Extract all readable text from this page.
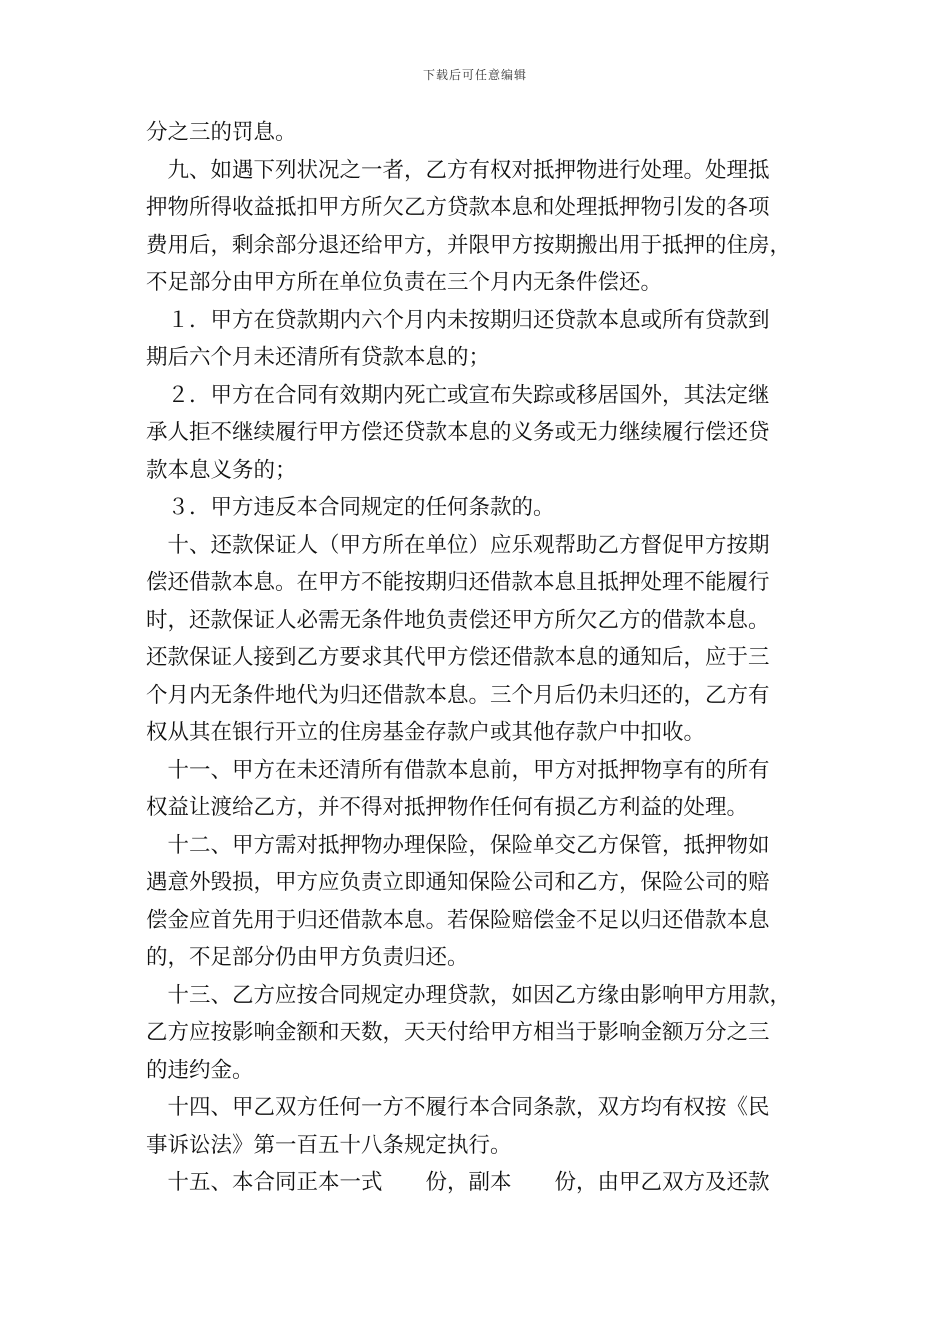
下载后可任意编辑

分之三的罚息。
　九、如遇下列状况之一者，乙方有权对抵押物进行处理。处理抵
押物所得收益抵扣甲方所欠乙方贷款本息和处理抵押物引发的各项
费用后，剩余部分退还给甲方，并限甲方按期搬出用于抵押的住房，
不足部分由甲方所在单位负责在三个月内无条件偿还。
　１．甲方在贷款期内六个月内未按期归还贷款本息或所有贷款到
期后六个月未还清所有贷款本息的；
　２．甲方在合同有效期内死亡或宣布失踪或移居国外，其法定继
承人拒不继续履行甲方偿还贷款本息的义务或无力继续履行偿还贷
款本息义务的；
　３．甲方违反本合同规定的任何条款的。
　十、还款保证人（甲方所在单位）应乐观帮助乙方督促甲方按期
偿还借款本息。在甲方不能按期归还借款本息且抵押处理不能履行
时，还款保证人必需无条件地负责偿还甲方所欠乙方的借款本息。
还款保证人接到乙方要求其代甲方偿还借款本息的通知后，应于三
个月内无条件地代为归还借款本息。三个月后仍未归还的，乙方有
权从其在银行开立的住房基金存款户或其他存款户中扣收。
　十一、甲方在未还清所有借款本息前，甲方对抵押物享有的所有
权益让渡给乙方，并不得对抵押物作任何有损乙方利益的处理。
　十二、甲方需对抵押物办理保险，保险单交乙方保管，抵押物如
遇意外毁损，甲方应负责立即通知保险公司和乙方，保险公司的赔
偿金应首先用于归还借款本息。若保险赔偿金不足以归还借款本息
的，不足部分仍由甲方负责归还。
　十三、乙方应按合同规定办理贷款，如因乙方缘由影响甲方用款，
乙方应按影响金额和天数，天天付给甲方相当于影响金额万分之三
的违约金。
　十四、甲乙双方任何一方不履行本合同条款，双方均有权按《民
事诉讼法》第一百五十八条规定执行。
　十五、本合同正本一式　　份，副本　　份，由甲乙双方及还款
